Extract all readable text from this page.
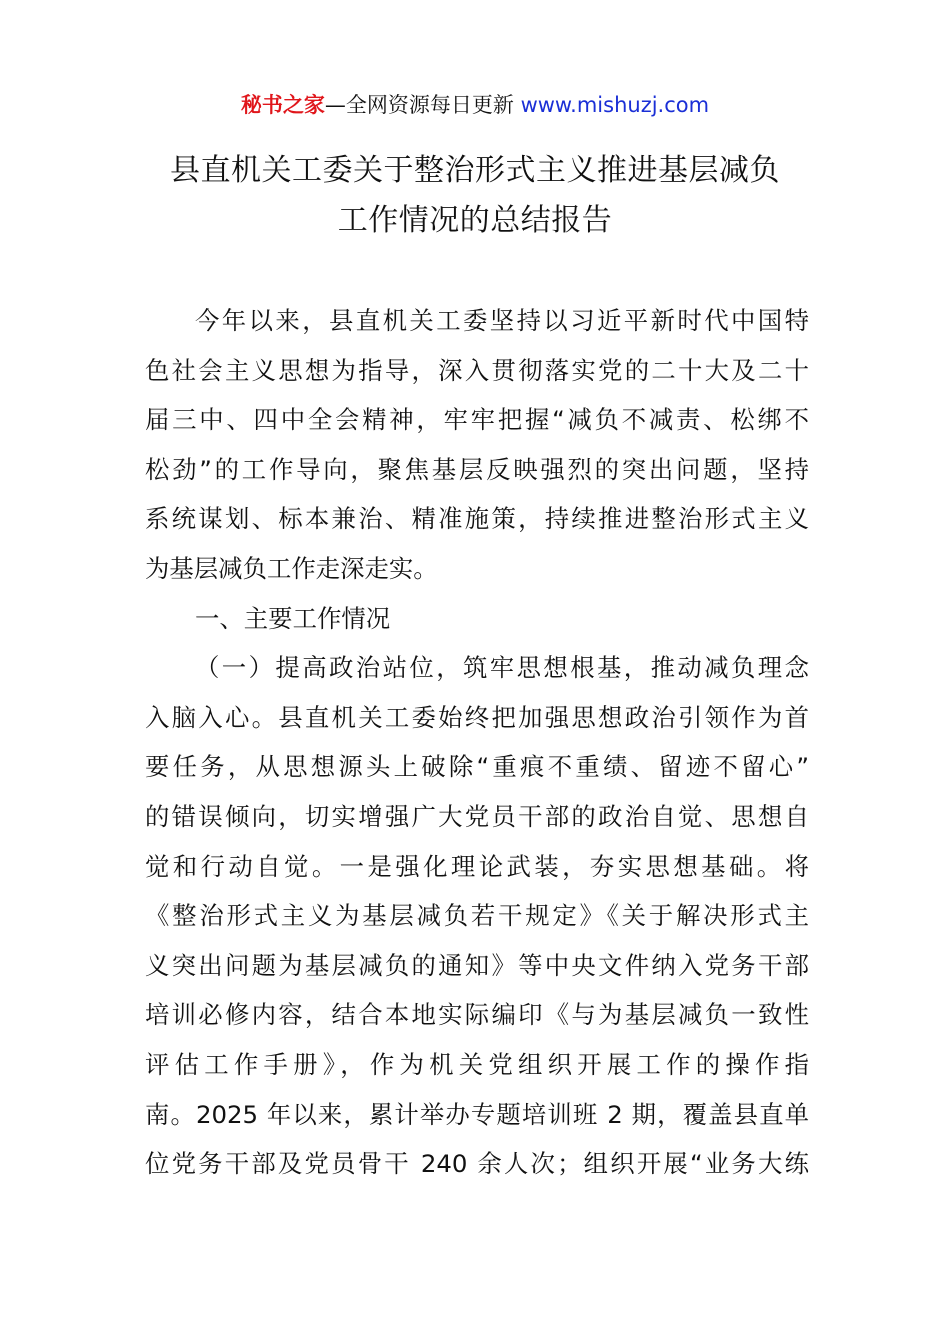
秘书之家—全网资源每日更新 www.mishuzj.com
县直机关工委关于整治形式主义推进基层减负
工作情况的总结报告
今年以来，县直机关工委坚持以习近平新时代中国特
色社会主义思想为指导，深入贯彻落实党的二十大及二十
届三中、四中全会精神，牢牢把握“减负不减责、松绑不
松劲”的工作导向，聚焦基层反映强烈的突出问题，坚持
系统谋划、标本兼治、精准施策，持续推进整治形式主义
为基层减负工作走深走实。
一、主要工作情况
（一）提高政治站位，筑牢思想根基，推动减负理念
入脑入心。县直机关工委始终把加强思想政治引领作为首
要任务，从思想源头上破除“重痕不重绩、留迹不留心”
的错误倾向，切实增强广大党员干部的政治自觉、思想自
觉和行动自觉。一是强化理论武装，夯实思想基础。将
《整治形式主义为基层减负若干规定》《关于解决形式主
义突出问题为基层减负的通知》等中央文件纳入党务干部
培训必修内容，结合本地实际编印《与为基层减负一致性
评估工作手册》，作为机关党组织开展工作的操作指
南。2025 年以来，累计举办专题培训班 2 期，覆盖县直单
位党务干部及党员骨干 240 余人次；组织开展“业务大练
